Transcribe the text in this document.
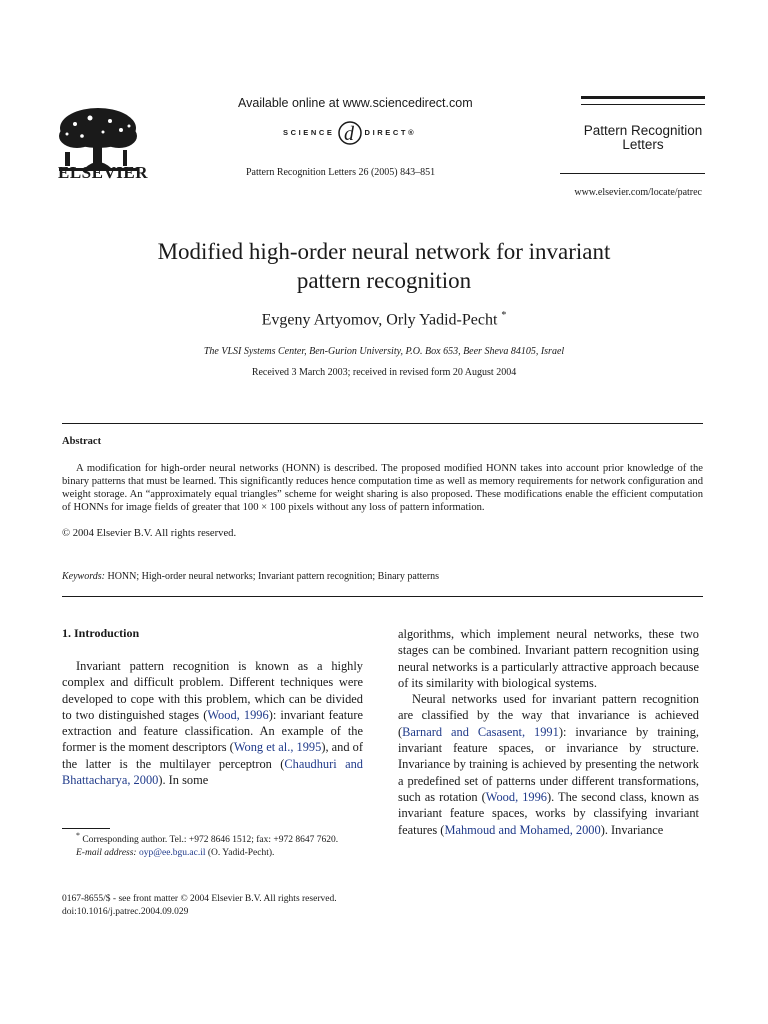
ELSEVIER
Available online at www.sciencedirect.com
SCIENCE d DIRECT ®
Pattern Recognition Letters 26 (2005) 843–851
Pattern Recognition
Letters
www.elsevier.com/locate/patrec
Modified high-order neural network for invariant
pattern recognition
Evgeny Artyomov, Orly Yadid-Pecht *
The VLSI Systems Center, Ben-Gurion University, P.O. Box 653, Beer Sheva 84105, Israel
Received 3 March 2003; received in revised form 20 August 2004
Abstract

A modification for high-order neural networks (HONN) is described. The proposed modified HONN takes into account prior knowledge of the binary patterns that must be learned. This significantly reduces hence computation time as well as memory requirements for network configuration and weight storage. An “approximately equal triangles” scheme for weight sharing is also proposed. These modifications enable the efficient computation of HONNs for image fields of greater that 100 × 100 pixels without any loss of pattern information.

© 2004 Elsevier B.V. All rights reserved.
Keywords: HONN; High-order neural networks; Invariant pattern recognition; Binary patterns
1. Introduction

Invariant pattern recognition is known as a highly complex and difficult problem. Different techniques were developed to cope with this problem, which can be divided to two distinguished stages (Wood, 1996): invariant feature extraction and feature classification. An example of the former is the moment descriptors (Wong et al., 1995), and of the latter is the multilayer perceptron (Chaudhuri and Bhattacharya, 2000). In some

* Corresponding author. Tel.: +972 8646 1512; fax: +972 8647 7620.

E-mail address: oyp@ee.bgu.ac.il (O. Yadid-Pecht).

algorithms, which implement neural networks, these two stages can be combined. Invariant pattern recognition using neural networks is a particularly attractive approach because of its similarity with biological systems.

Neural networks used for invariant pattern recognition are classified by the way that invariance is achieved (Barnard and Casasent, 1991): invariance by training, invariant feature spaces, or invariance by structure. Invariance by training is achieved by presenting the network a predefined set of patterns under different transformations, such as rotation (Wood, 1996). The second class, known as invariant feature spaces, works by classifying invariant features (Mahmoud and Mohamed, 2000). Invariance

0167-8655/$ - see front matter © 2004 Elsevier B.V. All rights reserved.
doi:10.1016/j.patrec.2004.09.029
